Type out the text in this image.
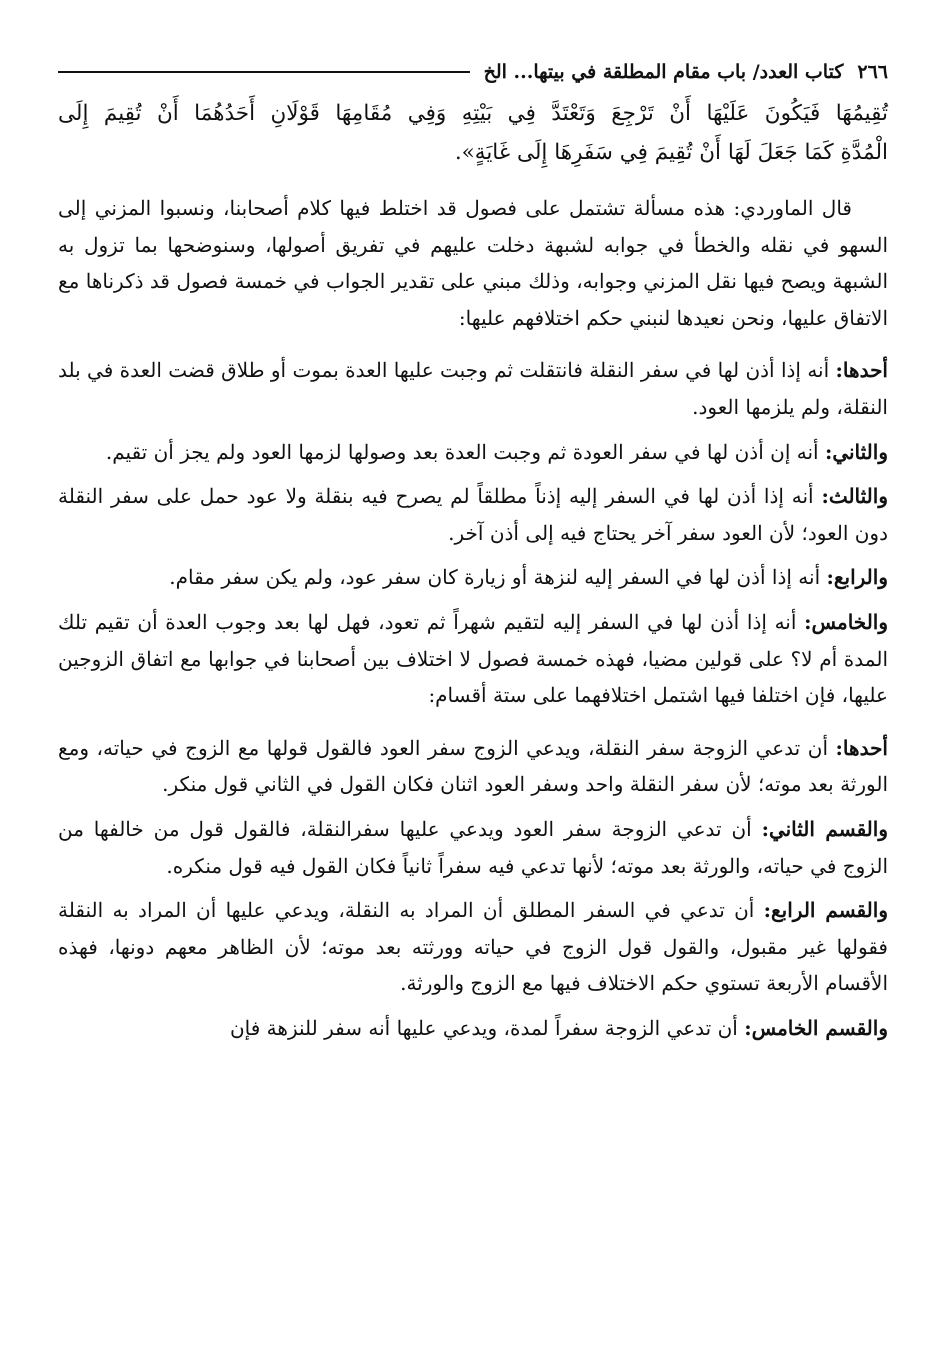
٢٦٦
كتاب العدد/ باب مقام المطلقة في بيتها... الخ
تُقِيمُهَا فَيَكُونَ عَلَيْهَا أَنْ تَرْجِعَ وَتَعْتَدَّ فِي بَيْتِهِ وَفِي مُقَامِهَا قَوْلَانِ أَحَدُهُمَا أَنْ تُقِيمَ إِلَى
الْمُدَّةِ كَمَا جَعَلَ لَهَا أَنْ تُقِيمَ فِي سَفَرِهَا إِلَى غَايَةٍ».

قال الماوردي: هذه مسألة تشتمل على فصول قد اختلط فيها كلام أصحابنا، ونسبوا المزني إلى السهو في نقله والخطأ في جوابه لشبهة دخلت عليهم في تفريق أصولها، وسنوضحها بما تزول به الشبهة ويصح فيها نقل المزني وجوابه، وذلك مبني على تقدير الجواب في خمسة فصول قد ذكرناها مع الاتفاق عليها، ونحن نعيدها لنبني حكم اختلافهم عليها:

أحدها: أنه إذا أذن لها في سفر النقلة فانتقلت ثم وجبت عليها العدة بموت أو طلاق قضت العدة في بلد النقلة، ولم يلزمها العود.

والثاني: أنه إن أذن لها في سفر العودة ثم وجبت العدة بعد وصولها لزمها العود ولم يجز أن تقيم.

والثالث: أنه إذا أذن لها في السفر إليه إذناً مطلقاً لم يصرح فيه بنقلة ولا عود حمل على سفر النقلة دون العود؛ لأن العود سفر آخر يحتاج فيه إلى أذن آخر.

والرابع: أنه إذا أذن لها في السفر إليه لنزهة أو زيارة كان سفر عود، ولم يكن سفر مقام.

والخامس: أنه إذا أذن لها في السفر إليه لتقيم شهراً ثم تعود، فهل لها بعد وجوب العدة أن تقيم تلك المدة أم لا؟ على قولين مضيا، فهذه خمسة فصول لا اختلاف بين أصحابنا في جوابها مع اتفاق الزوجين عليها، فإن اختلفا فيها اشتمل اختلافهما على ستة أقسام:

أحدها: أن تدعي الزوجة سفر النقلة، ويدعي الزوج سفر العود فالقول قولها مع الزوج في حياته، ومع الورثة بعد موته؛ لأن سفر النقلة واحد وسفر العود اثنان فكان القول في الثاني قول منكر.

والقسم الثاني: أن تدعي الزوجة سفر العود ويدعي عليها سفرالنقلة، فالقول قول من خالفها من الزوج في حياته، والورثة بعد موته؛ لأنها تدعي فيه سفراً ثانياً فكان القول فيه قول منكره.

والقسم الرابع: أن تدعي في السفر المطلق أن المراد به النقلة، ويدعي عليها أن المراد به النقلة فقولها غير مقبول، والقول قول الزوج في حياته وورثته بعد موته؛ لأن الظاهر معهم دونها، فهذه الأقسام الأربعة تستوي حكم الاختلاف فيها مع الزوج والورثة.

والقسم الخامس: أن تدعي الزوجة سفراً لمدة، ويدعي عليها أنه سفر للنزهة فإن
